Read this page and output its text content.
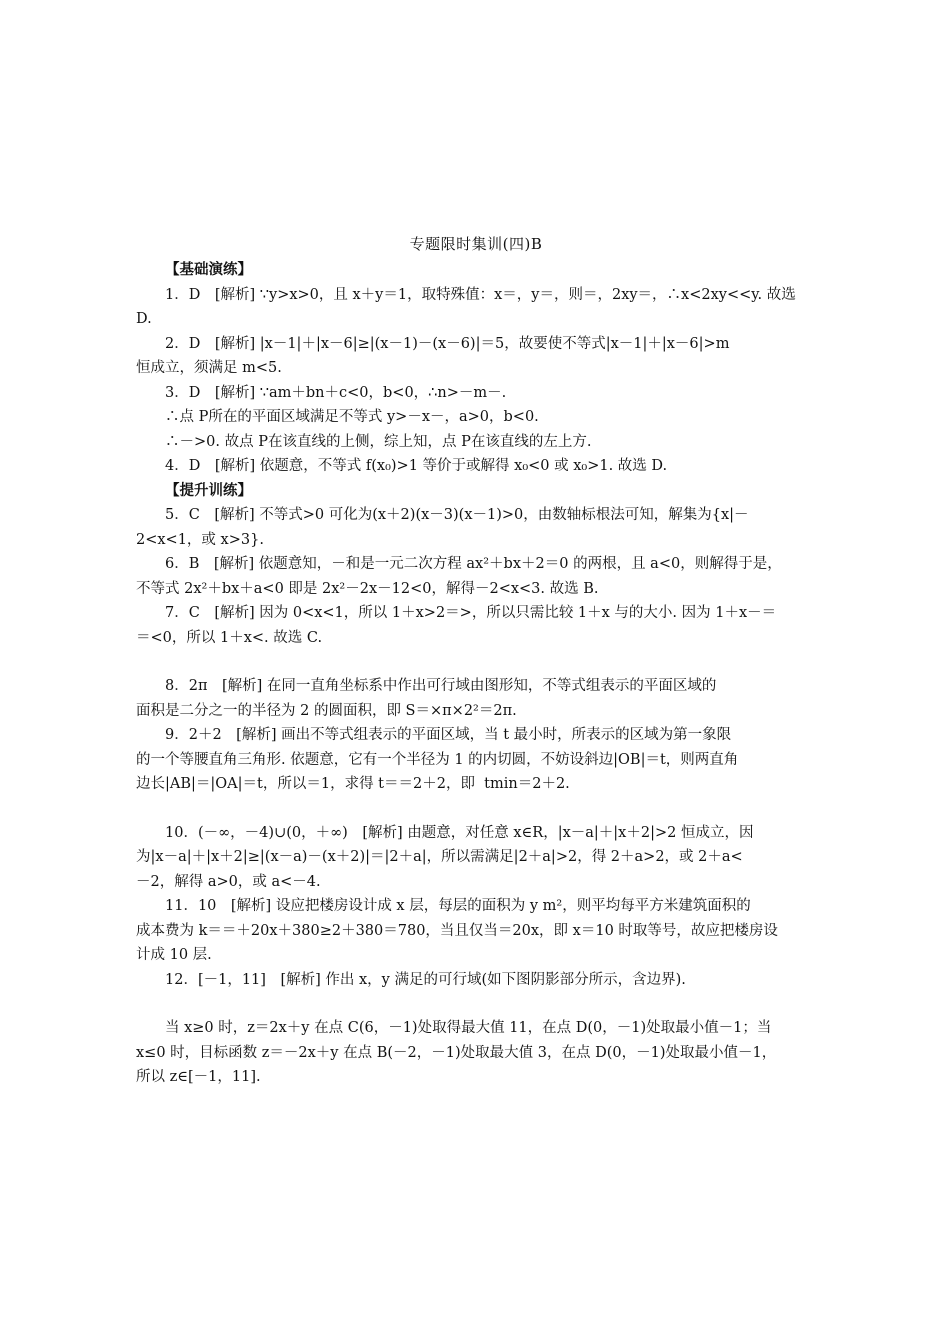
专题限时集训(四)B

【基础演练】

1．D　[解析] ∵y>x>0，且 x＋y＝1，取特殊值：x＝，y＝，则＝，2xy＝，∴x<2xy<<y. 故选

D.

2．D　[解析] |x－1|＋|x－6|≥|(x－1)－(x－6)|＝5，故要使不等式|x－1|＋|x－6|>m

恒成立，须满足 m<5.

3．D　[解析] ∵am＋bn＋c<0，b<0，∴n>－m－.

∴点 P所在的平面区域满足不等式 y>－x－，a>0，b<0.

∴－>0. 故点 P在该直线的上侧，综上知，点 P在该直线的左上方.

4．D　[解析] 依题意，不等式 f(x₀)>1 等价于或解得 x₀<0 或 x₀>1. 故选 D.

【提升训练】

5．C　[解析] 不等式>0 可化为(x＋2)(x－3)(x－1)>0，由数轴标根法可知，解集为{x|－

2<x<1，或 x>3}.

6．B　[解析] 依题意知，－和是一元二次方程 ax²＋bx＋2＝0 的两根，且 a<0，则解得于是，

不等式 2x²＋bx＋a<0 即是 2x²－2x－12<0，解得－2<x<3. 故选 B.

7．C　[解析] 因为 0<x<1，所以 1＋x>2＝>，所以只需比较 1＋x 与的大小. 因为 1＋x－＝

＝<0，所以 1＋x<. 故选 C.

8．2π　[解析] 在同一直角坐标系中作出可行域由图形知，不等式组表示的平面区域的

面积是二分之一的半径为 2 的圆面积，即 S＝×π×2²＝2π.

9．2＋2　[解析] 画出不等式组表示的平面区域，当 t 最小时，所表示的区域为第一象限

的一个等腰直角三角形. 依题意，它有一个半径为 1 的内切圆，不妨设斜边|OB|＝t，则两直角

边长|AB|＝|OA|＝t，所以＝1，求得 t＝＝2＋2，即  tmin＝2＋2.

10．(－∞，－4)∪(0，＋∞)　[解析] 由题意，对任意 x∈R，|x－a|＋|x＋2|>2 恒成立，因

为|x－a|＋|x＋2|≥|(x－a)－(x＋2)|＝|2＋a|，所以需满足|2＋a|>2，得 2＋a>2，或 2＋a<

－2，解得 a>0，或 a<－4.

11．10　[解析] 设应把楼房设计成 x 层，每层的面积为 y m²，则平均每平方米建筑面积的

成本费为 k＝＝＋20x＋380≥2＋380＝780，当且仅当＝20x，即 x＝10 时取等号，故应把楼房设

计成 10 层.

12．[－1，11]　[解析] 作出 x，y 满足的可行域(如下图阴影部分所示，含边界).

当 x≥0 时，z＝2x＋y 在点 C(6，－1)处取得最大值 11，在点 D(0，－1)处取最小值－1；当

x≤0 时，目标函数 z＝－2x＋y 在点 B(－2，－1)处取最大值 3，在点 D(0，－1)处取最小值－1，

所以 z∈[－1，11].
